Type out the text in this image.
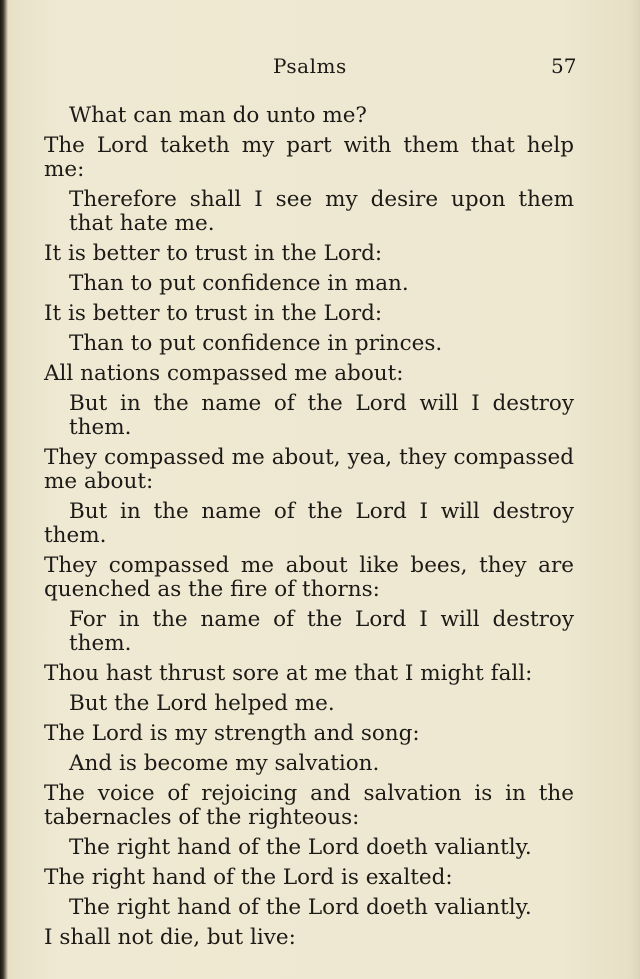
Psalms	57
What can man do unto me?
The Lord taketh my part with them that help
me:
Therefore shall I see my desire upon them
that hate me.
It is better to trust in the Lord:
Than to put confidence in man.
It is better to trust in the Lord:
Than to put confidence in princes.
All nations compassed me about:
But in the name of the Lord will I destroy
them.
They compassed me about, yea, they compassed
me about:
But in the name of the Lord I will destroy
them.
They compassed me about like bees, they are
quenched as the fire of thorns:
For in the name of the Lord I will destroy
them.
Thou hast thrust sore at me that I might fall:
But the Lord helped me.
The Lord is my strength and song:
And is become my salvation.
The voice of rejoicing and salvation is in the
tabernacles of the righteous:
The right hand of the Lord doeth valiantly.
The right hand of the Lord is exalted:
The right hand of the Lord doeth valiantly.
I shall not die, but live:
